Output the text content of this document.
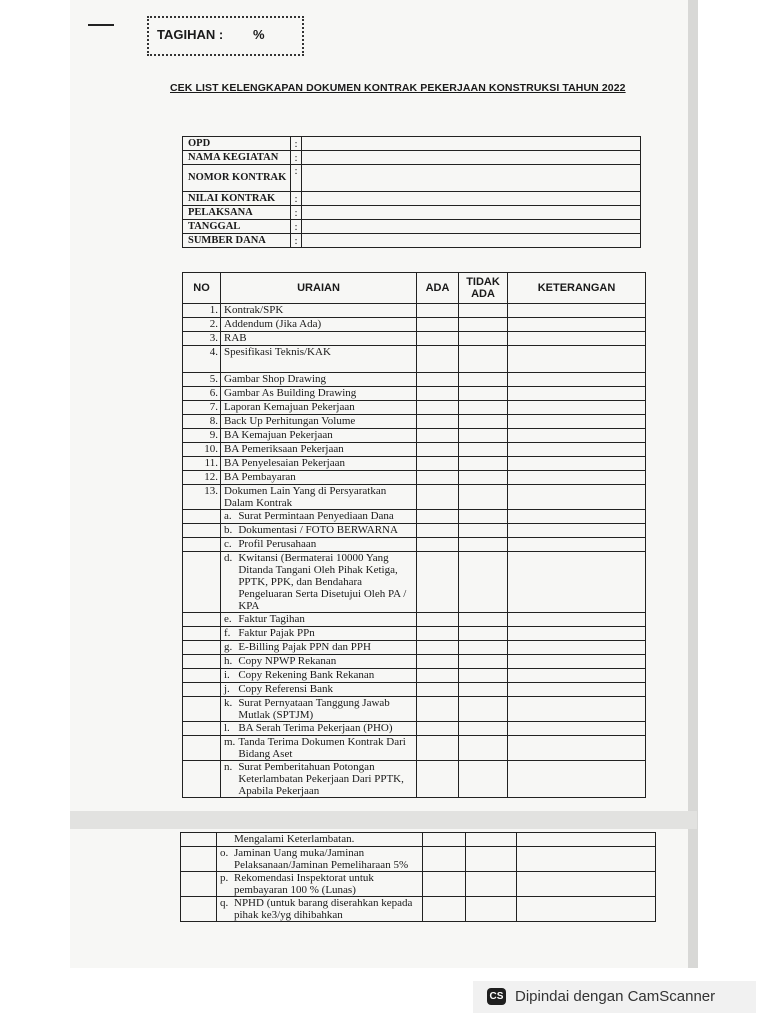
TAGIHAN : %
CEK LIST KELENGKAPAN DOKUMEN KONTRAK PEKERJAAN KONSTRUKSI TAHUN 2022
OPD	:	
NAMA KEGIATAN	:	
NOMOR KONTRAK	:	
NILAI KONTRAK	:	
PELAKSANA	:	
TANGGAL	:	
SUMBER DANA	:	
NO	URAIAN		ADA	TIDAK ADA	KETERANGAN
1.	Kontrak/SPK				
2.	Addendum (Jika Ada)				
3.	RAB				
4.	Spesifikasi Teknis/KAK				
5.	Gambar Shop Drawing				
6.	Gambar As Building Drawing				
7.	Laporan Kemajuan Pekerjaan				
8.	Back Up Perhitungan Volume				
9.	BA Kemajuan Pekerjaan				
10.	BA Pemeriksaan Pekerjaan				
11.	BA Penyelesaian Pekerjaan				
12.	BA Pembayaran				
13.	Dokumen Lain Yang di Persyaratkan Dalam Kontrak				
	a.	Surat Permintaan Penyediaan Dana			
	b.	Dokumentasi / FOTO BERWARNA			
	c.	Profil Perusahaan			
	d.	Kwitansi (Bermaterai 10000 Yang Ditanda Tangani Oleh Pihak Ketiga, PPTK, PPK, dan Bendahara Pengeluaran Serta Disetujui Oleh PA / KPA			
	e.	Faktur Tagihan			
	f.	Faktur Pajak PPn			
	g.	E-Billing Pajak PPN dan PPH			
	h.	Copy NPWP Rekanan			
	i.	Copy Rekening Bank Rekanan			
	j.	Copy Referensi Bank			
	k.	Surat Pernyataan Tanggung Jawab Mutlak (SPTJM)			
	l.	BA Serah Terima Pekerjaan (PHO)			
	m.	Tanda Terima Dokumen Kontrak Dari Bidang Aset			
	n.	Surat Pemberitahuan Potongan Keterlambatan Pekerjaan Dari PPTK, Apabila Pekerjaan			
		Mengalami Keterlambatan.			
	o.	Jaminan Uang muka/Jaminan Pelaksanaan/Jaminan Pemeliharaan 5%			
	p.	Rekomendasi Inspektorat untuk pembayaran 100 % (Lunas)			
	q.	NPHD (untuk barang diserahkan kepada pihak ke3/yg dihibahkan			
CS Dipindai dengan CamScanner
